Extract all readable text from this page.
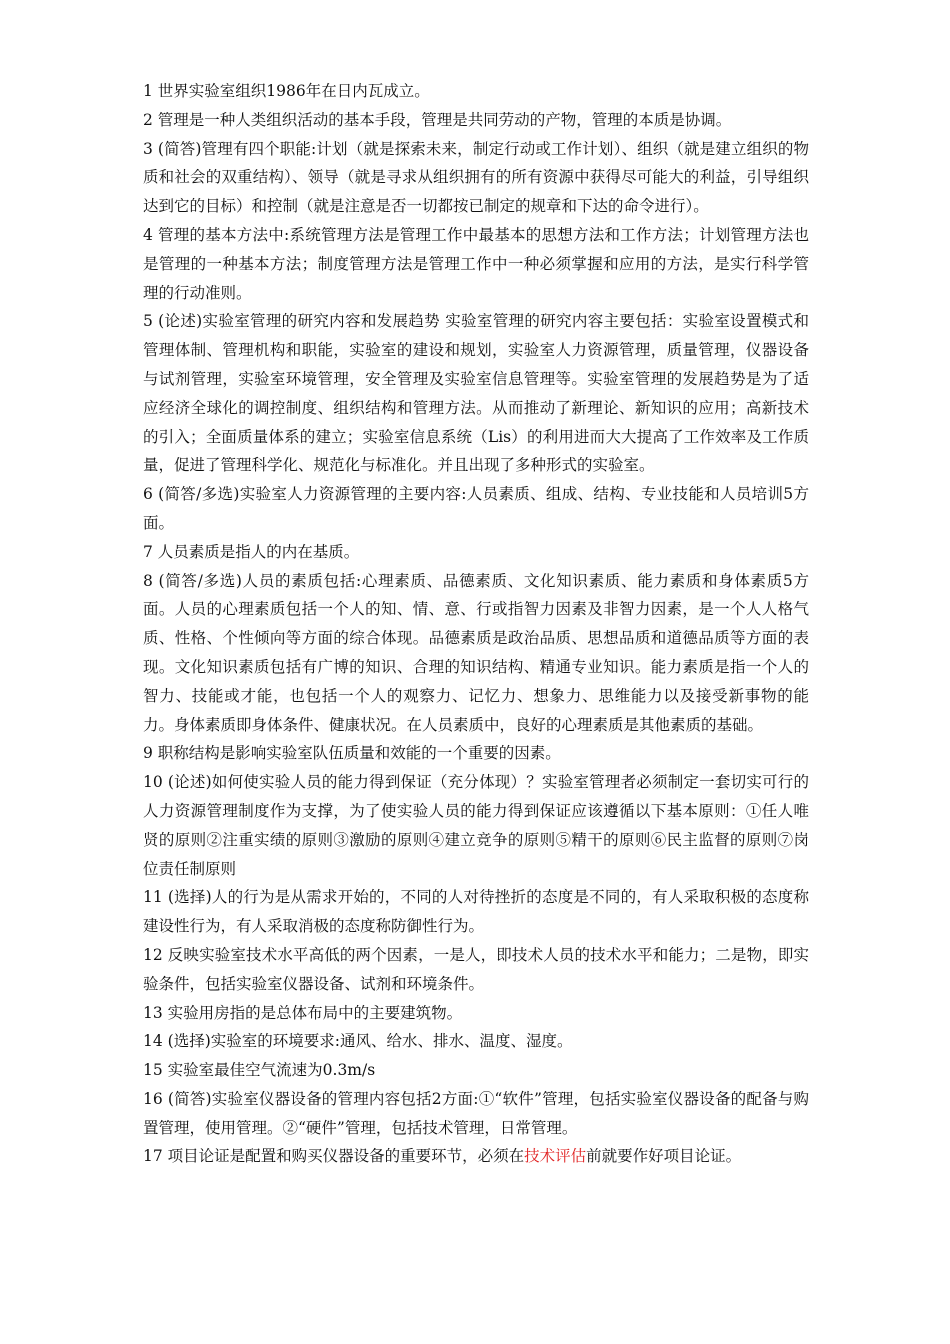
1 世界实验室组织1986年在日内瓦成立。

2 管理是一种人类组织活动的基本手段，管理是共同劳动的产物，管理的本质是协调。

3 (简答)管理有四个职能:计划（就是探索未来，制定行动或工作计划）、组织（就是建立组织的物质和社会的双重结构）、领导（就是寻求从组织拥有的所有资源中获得尽可能大的利益，引导组织达到它的目标）和控制（就是注意是否一切都按已制定的规章和下达的命令进行）。

4 管理的基本方法中:系统管理方法是管理工作中最基本的思想方法和工作方法；计划管理方法也是管理的一种基本方法；制度管理方法是管理工作中一种必须掌握和应用的方法，是实行科学管理的行动准则。

5 (论述)实验室管理的研究内容和发展趋势 实验室管理的研究内容主要包括：实验室设置模式和管理体制、管理机构和职能，实验室的建设和规划，实验室人力资源管理，质量管理，仪器设备与试剂管理，实验室环境管理，安全管理及实验室信息管理等。实验室管理的发展趋势是为了适应经济全球化的调控制度、组织结构和管理方法。从而推动了新理论、新知识的应用；高新技术的引入；全面质量体系的建立；实验室信息系统（Lis）的利用进而大大提高了工作效率及工作质量，促进了管理科学化、规范化与标准化。并且出现了多种形式的实验室。

6 (简答/多选)实验室人力资源管理的主要内容:人员素质、组成、结构、专业技能和人员培训5方面。

7 人员素质是指人的内在基质。

8 (简答/多选)人员的素质包括:心理素质、品德素质、文化知识素质、能力素质和身体素质5方面。人员的心理素质包括一个人的知、情、意、行或指智力因素及非智力因素，是一个人人格气质、性格、个性倾向等方面的综合体现。品德素质是政治品质、思想品质和道德品质等方面的表现。文化知识素质包括有广博的知识、合理的知识结构、精通专业知识。能力素质是指一个人的智力、技能或才能，也包括一个人的观察力、记忆力、想象力、思维能力以及接受新事物的能力。身体素质即身体条件、健康状况。在人员素质中，良好的心理素质是其他素质的基础。

9 职称结构是影响实验室队伍质量和效能的一个重要的因素。

10 (论述)如何使实验人员的能力得到保证（充分体现）？实验室管理者必须制定一套切实可行的人力资源管理制度作为支撑，为了使实验人员的能力得到保证应该遵循以下基本原则：①任人唯贤的原则②注重实绩的原则③激励的原则④建立竞争的原则⑤精干的原则⑥民主监督的原则⑦岗位责任制原则

11 (选择)人的行为是从需求开始的，不同的人对待挫折的态度是不同的，有人采取积极的态度称建设性行为，有人采取消极的态度称防御性行为。

12 反映实验室技术水平高低的两个因素，一是人，即技术人员的技术水平和能力；二是物，即实验条件，包括实验室仪器设备、试剂和环境条件。

13 实验用房指的是总体布局中的主要建筑物。

14 (选择)实验室的环境要求:通风、给水、排水、温度、湿度。

15 实验室最佳空气流速为0.3m/s

16 (简答)实验室仪器设备的管理内容包括2方面:①“软件”管理，包括实验室仪器设备的配备与购置管理，使用管理。②“硬件”管理，包括技术管理，日常管理。

17 项目论证是配置和购买仪器设备的重要环节，必须在技术评估前就要作好项目论证。
